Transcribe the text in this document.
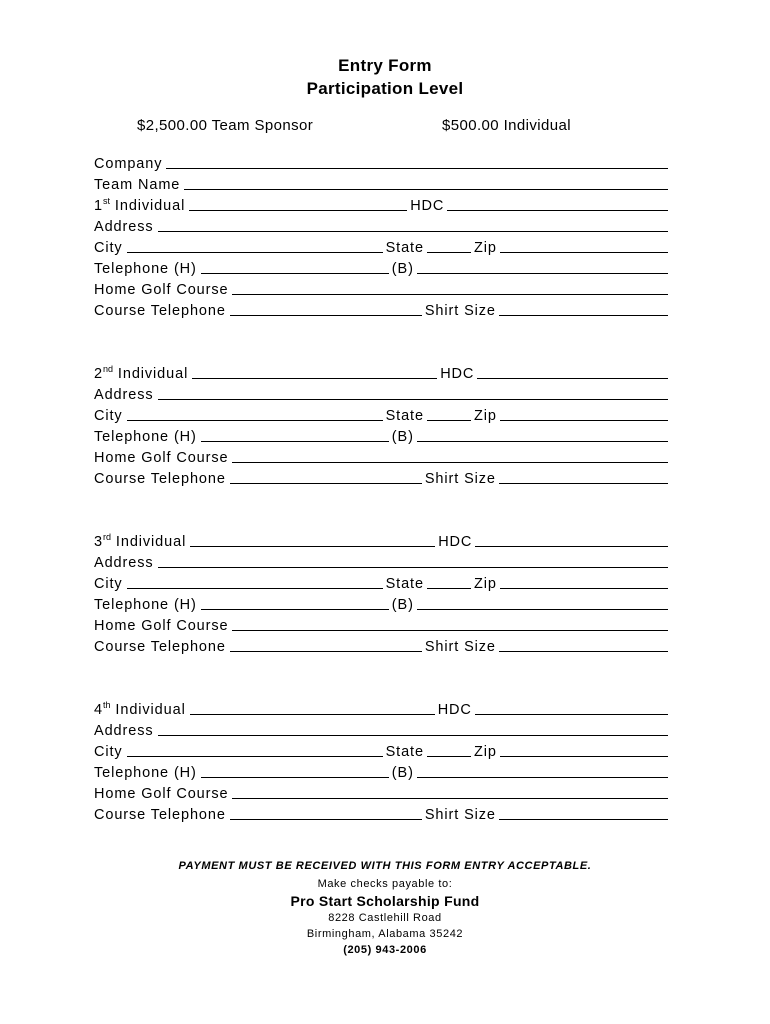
Entry Form
Participation Level
$2,500.00 Team Sponsor	$500.00 Individual
Company
Team Name
1st Individual	HDC
Address
City	State	Zip
Telephone (H)	(B)
Home Golf Course
Course Telephone	Shirt Size
2nd Individual	HDC
Address
City	State	Zip
Telephone (H)	(B)
Home Golf Course
Course Telephone	Shirt Size
3rd Individual	HDC
Address
City	State	Zip
Telephone (H)	(B)
Home Golf Course
Course Telephone	Shirt Size
4th Individual	HDC
Address
City	State	Zip
Telephone (H)	(B)
Home Golf Course
Course Telephone	Shirt Size
PAYMENT MUST BE RECEIVED WITH THIS FORM ENTRY ACCEPTABLE.
Make checks payable to:
Pro Start Scholarship Fund
8228 Castlehill Road
Birmingham, Alabama 35242
(205) 943-2006
